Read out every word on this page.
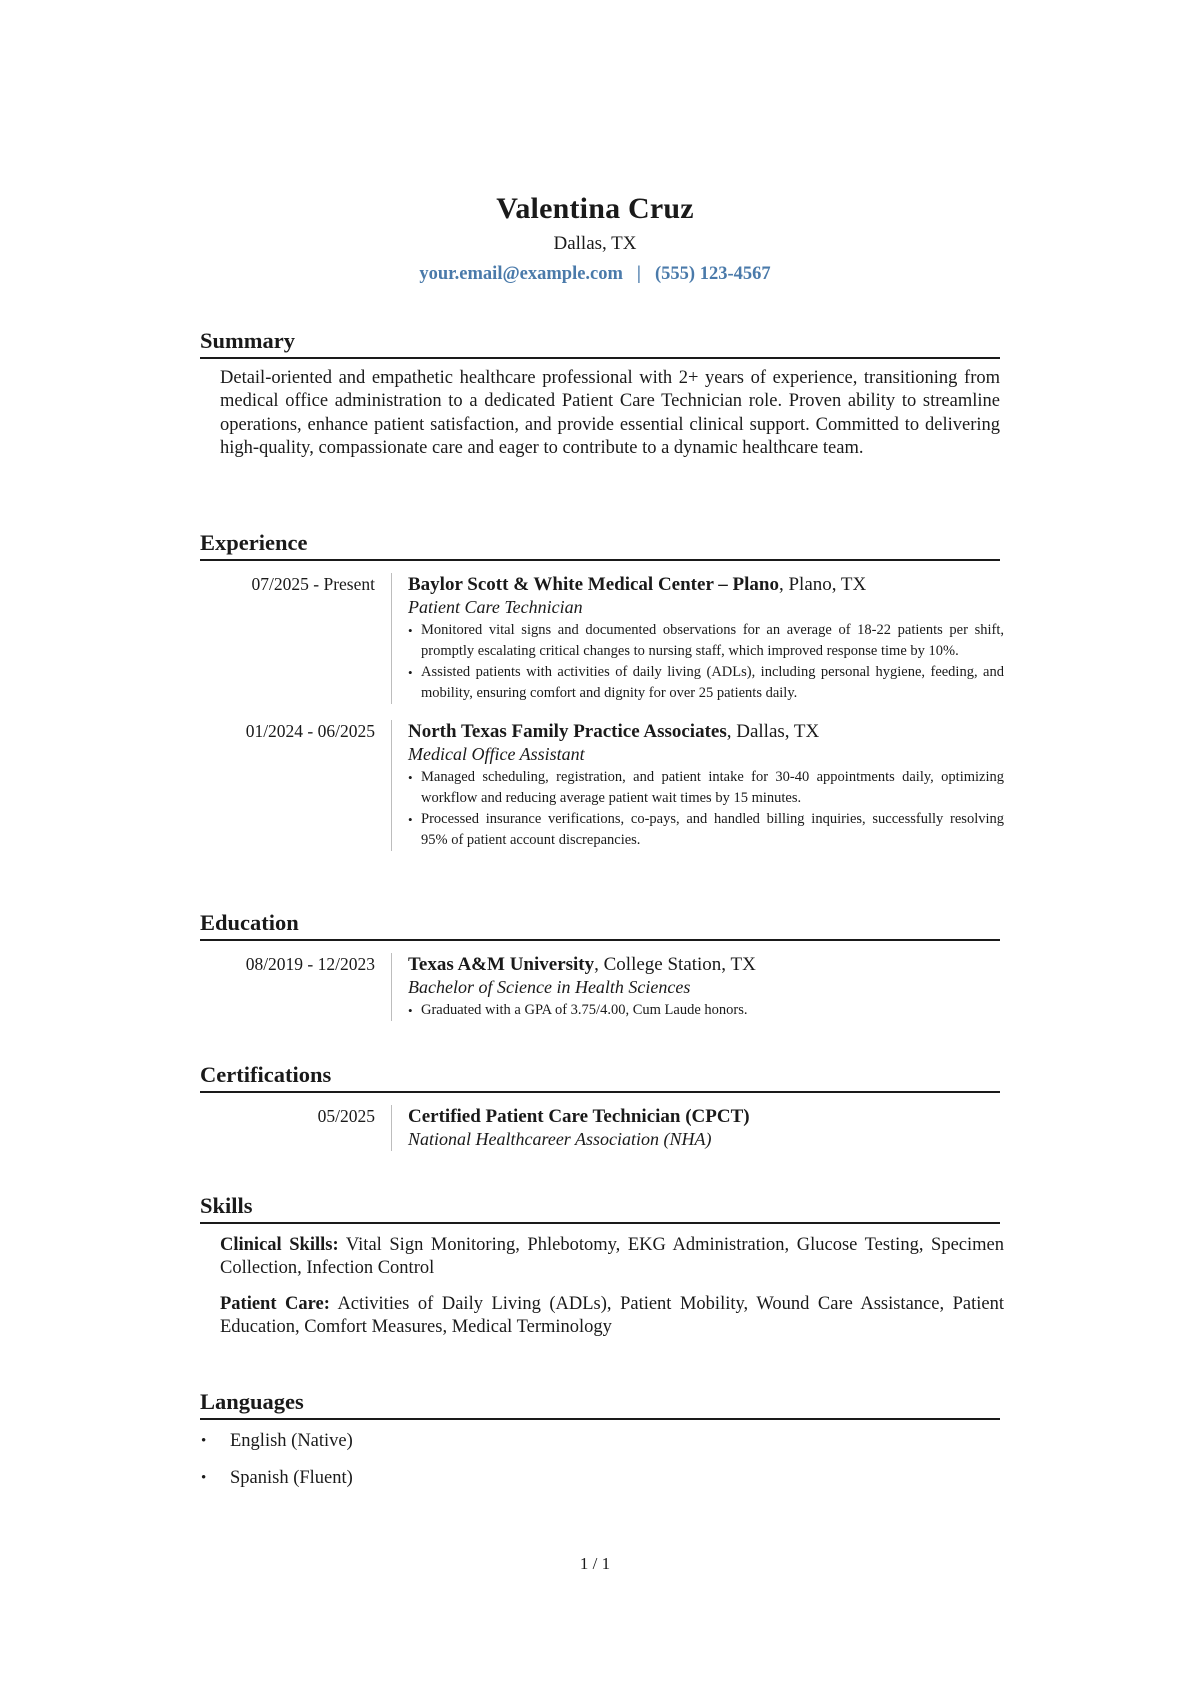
Valentina Cruz
Dallas, TX
your.email@example.com | (555) 123-4567
Summary
Detail-oriented and empathetic healthcare professional with 2+ years of experience, transitioning from medical office administration to a dedicated Patient Care Technician role. Proven ability to streamline operations, enhance patient satisfaction, and provide essential clinical support. Committed to delivering high-quality, compassionate care and eager to contribute to a dynamic healthcare team.
Experience
07/2025 - Present Baylor Scott & White Medical Center – Plano, Plano, TX
Patient Care Technician
• Monitored vital signs and documented observations for an average of 18-22 patients per shift, promptly escalating critical changes to nursing staff, which improved response time by 10%.
• Assisted patients with activities of daily living (ADLs), including personal hygiene, feeding, and mobility, ensuring comfort and dignity for over 25 patients daily.
01/2024 - 06/2025 North Texas Family Practice Associates, Dallas, TX
Medical Office Assistant
• Managed scheduling, registration, and patient intake for 30-40 appointments daily, optimizing workflow and reducing average patient wait times by 15 minutes.
• Processed insurance verifications, co-pays, and handled billing inquiries, successfully resolving 95% of patient account discrepancies.
Education
08/2019 - 12/2023 Texas A&M University, College Station, TX
Bachelor of Science in Health Sciences
• Graduated with a GPA of 3.75/4.00, Cum Laude honors.
Certifications
05/2025 Certified Patient Care Technician (CPCT)
National Healthcareer Association (NHA)
Skills
Clinical Skills: Vital Sign Monitoring, Phlebotomy, EKG Administration, Glucose Testing, Specimen Collection, Infection Control
Patient Care: Activities of Daily Living (ADLs), Patient Mobility, Wound Care Assistance, Patient Education, Comfort Measures, Medical Terminology
Languages
• English (Native)
• Spanish (Fluent)
1 / 1
